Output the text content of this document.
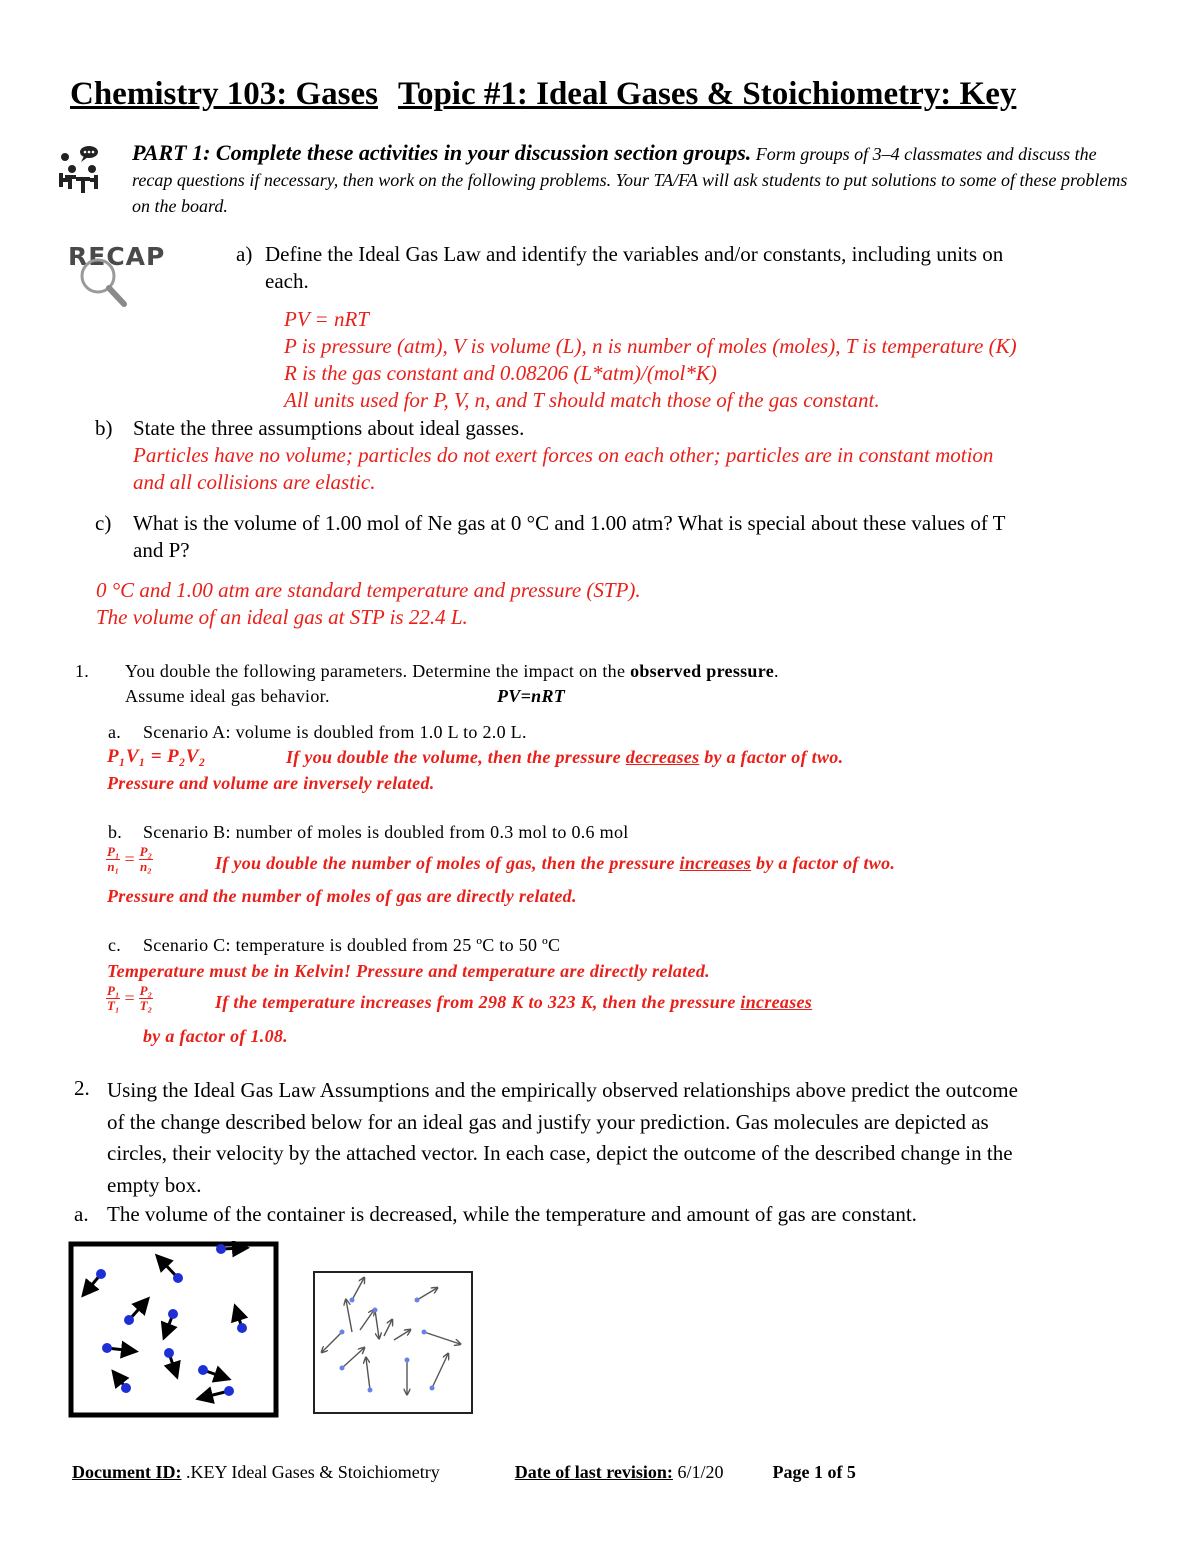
Chemistry 103: Gases Topic #1: Ideal Gases & Stoichiometry: Key
PART 1: Complete these activities in your discussion section groups. Form groups of 3–4 classmates and discuss the recap questions if necessary, then work on the following problems. Your TA/FA will ask students to put solutions to some of these problems on the board.
RECAP	a) Define the Ideal Gas Law and identify the variables and/or constants, including units on
each.
PV = nRT
P is pressure (atm), V is volume (L), n is number of moles (moles), T is temperature (K)
R is the gas constant and 0.08206 (L*atm)/(mol*K)
All units used for P, V, n, and T should match those of the gas constant.
b) State the three assumptions about ideal gasses.
Particles have no volume; particles do not exert forces on each other; particles are in constant motion
and all collisions are elastic.
c) What is the volume of 1.00 mol of Ne gas at 0 °C and 1.00 atm? What is special about these values of T
and P?
0 °C and 1.00 atm are standard temperature and pressure (STP).
The volume of an ideal gas at STP is 22.4 L.
1. You double the following parameters. Determine the impact on the observed pressure.
Assume ideal gas behavior.	PV=nRT
a. Scenario A: volume is doubled from 1.0 L to 2.0 L.
P₁V₁ = P₂V₂	If you double the volume, then the pressure decreases by a factor of two.
Pressure and volume are inversely related.
b. Scenario B: number of moles is doubled from 0.3 mol to 0.6 mol
$\frac{\text{P₁}}{\text{n₁}} = \frac{\text{P₂}}{\text{n₂}}$	If you double the number of moles of gas, then the pressure increases by a factor of two.
Pressure and the number of moles of gas are directly related.
c. Scenario C: temperature is doubled from 25 ºC to 50 ºC
Temperature must be in Kelvin! Pressure and temperature are directly related.
$\frac{\text{P₁}}{\text{T₁}} = \frac{\text{P₂}}{\text{T₂}}$	If the temperature increases from 298 K to 323 K, then the pressure increases
by a factor of 1.08.
2. Using the Ideal Gas Law Assumptions and the empirically observed relationships above predict the outcome
of the change described below for an ideal gas and justify your prediction. Gas molecules are depicted as
circles, their velocity by the attached vector. In each case, depict the outcome of the described change in the
empty box.
a. The volume of the container is decreased, while the temperature and amount of gas are constant.
Document ID: .KEY Ideal Gases & Stoichiometry	Date of last revision: 6/1/20	Page 1 of 5
